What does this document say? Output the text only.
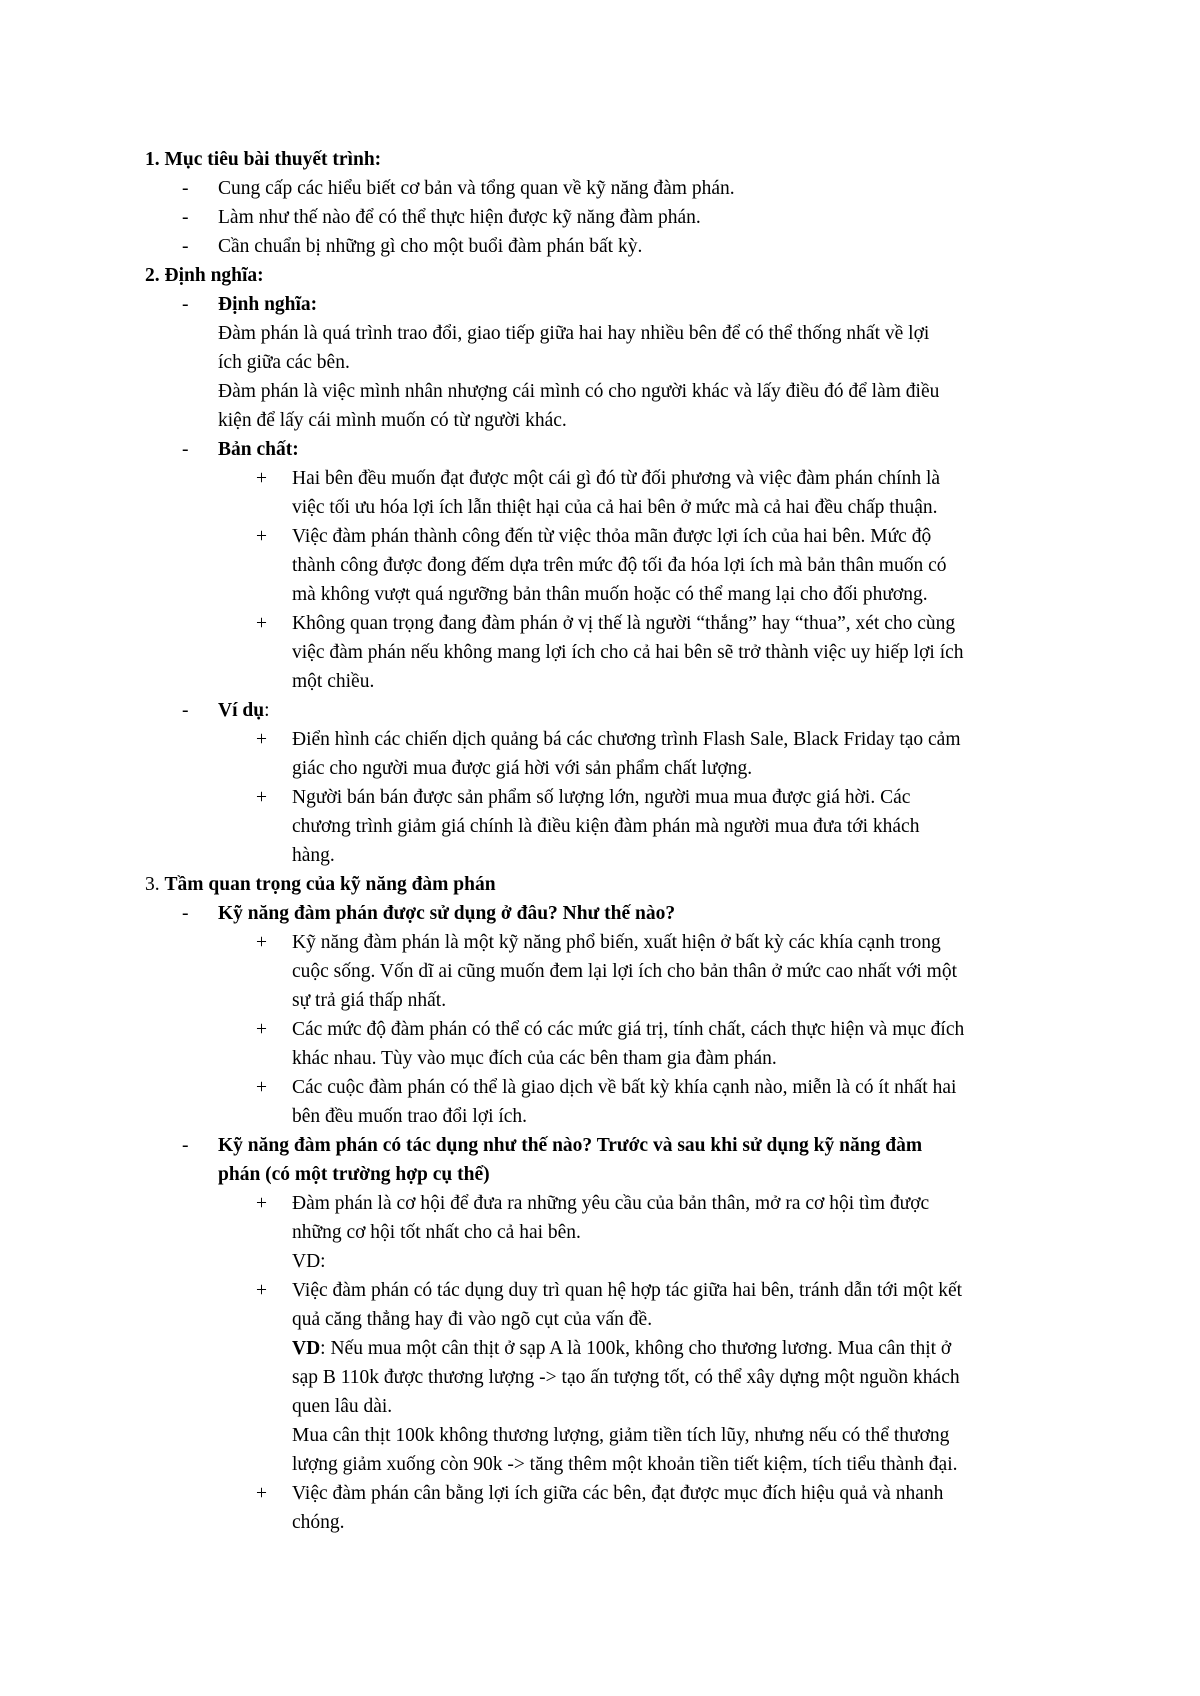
1. Mục tiêu bài thuyết trình:
- Cung cấp các hiểu biết cơ bản và tổng quan về kỹ năng đàm phán.
- Làm như thế nào để có thể thực hiện được kỹ năng đàm phán.
- Cần chuẩn bị những gì cho một buổi đàm phán bất kỳ.
2. Định nghĩa:
- Định nghĩa:
Đàm phán là quá trình trao đổi, giao tiếp giữa hai hay nhiều bên để có thể thống nhất về lợi
ích giữa các bên.
Đàm phán là việc mình nhân nhượng cái mình có cho người khác và lấy điều đó để làm điều
kiện để lấy cái mình muốn có từ người khác.
- Bản chất:
+ Hai bên đều muốn đạt được một cái gì đó từ đối phương và việc đàm phán chính là
việc tối ưu hóa lợi ích lẫn thiệt hại của cả hai bên ở mức mà cả hai đều chấp thuận.
+ Việc đàm phán thành công đến từ việc thỏa mãn được lợi ích của hai bên. Mức độ
thành công được đong đếm dựa trên mức độ tối đa hóa lợi ích mà bản thân muốn có
mà không vượt quá ngưỡng bản thân muốn hoặc có thể mang lại cho đối phương.
+ Không quan trọng đang đàm phán ở vị thế là người “thắng” hay “thua”, xét cho cùng
việc đàm phán nếu không mang lợi ích cho cả hai bên sẽ trở thành việc uy hiếp lợi ích
một chiều.
- Ví dụ:
+ Điển hình các chiến dịch quảng bá các chương trình Flash Sale, Black Friday tạo cảm
giác cho người mua được giá hời với sản phẩm chất lượng.
+ Người bán bán được sản phẩm số lượng lớn, người mua mua được giá hời. Các
chương trình giảm giá chính là điều kiện đàm phán mà người mua đưa tới khách
hàng.
3. Tầm quan trọng của kỹ năng đàm phán
- Kỹ năng đàm phán được sử dụng ở đâu? Như thế nào?
+ Kỹ năng đàm phán là một kỹ năng phổ biến, xuất hiện ở bất kỳ các khía cạnh trong
cuộc sống. Vốn dĩ ai cũng muốn đem lại lợi ích cho bản thân ở mức cao nhất với một
sự trả giá thấp nhất.
+ Các mức độ đàm phán có thể có các mức giá trị, tính chất, cách thực hiện và mục đích
khác nhau. Tùy vào mục đích của các bên tham gia đàm phán.
+ Các cuộc đàm phán có thể là giao dịch về bất kỳ khía cạnh nào, miễn là có ít nhất hai
bên đều muốn trao đổi lợi ích.
- Kỹ năng đàm phán có tác dụng như thế nào? Trước và sau khi sử dụng kỹ năng đàm
phán (có một trường hợp cụ thể)
+ Đàm phán là cơ hội để đưa ra những yêu cầu của bản thân, mở ra cơ hội tìm được
những cơ hội tốt nhất cho cả hai bên.
VD:
+ Việc đàm phán có tác dụng duy trì quan hệ hợp tác giữa hai bên, tránh dẫn tới một kết
quả căng thẳng hay đi vào ngõ cụt của vấn đề.
VD: Nếu mua một cân thịt ở sạp A là 100k, không cho thương lương. Mua cân thịt ở
sạp B 110k được thương lượng -> tạo ấn tượng tốt, có thể xây dựng một nguồn khách
quen lâu dài.
Mua cân thịt 100k không thương lượng, giảm tiền tích lũy, nhưng nếu có thể thương
lượng giảm xuống còn 90k -> tăng thêm một khoản tiền tiết kiệm, tích tiểu thành đại.
+ Việc đàm phán cân bằng lợi ích giữa các bên, đạt được mục đích hiệu quả và nhanh
chóng.
